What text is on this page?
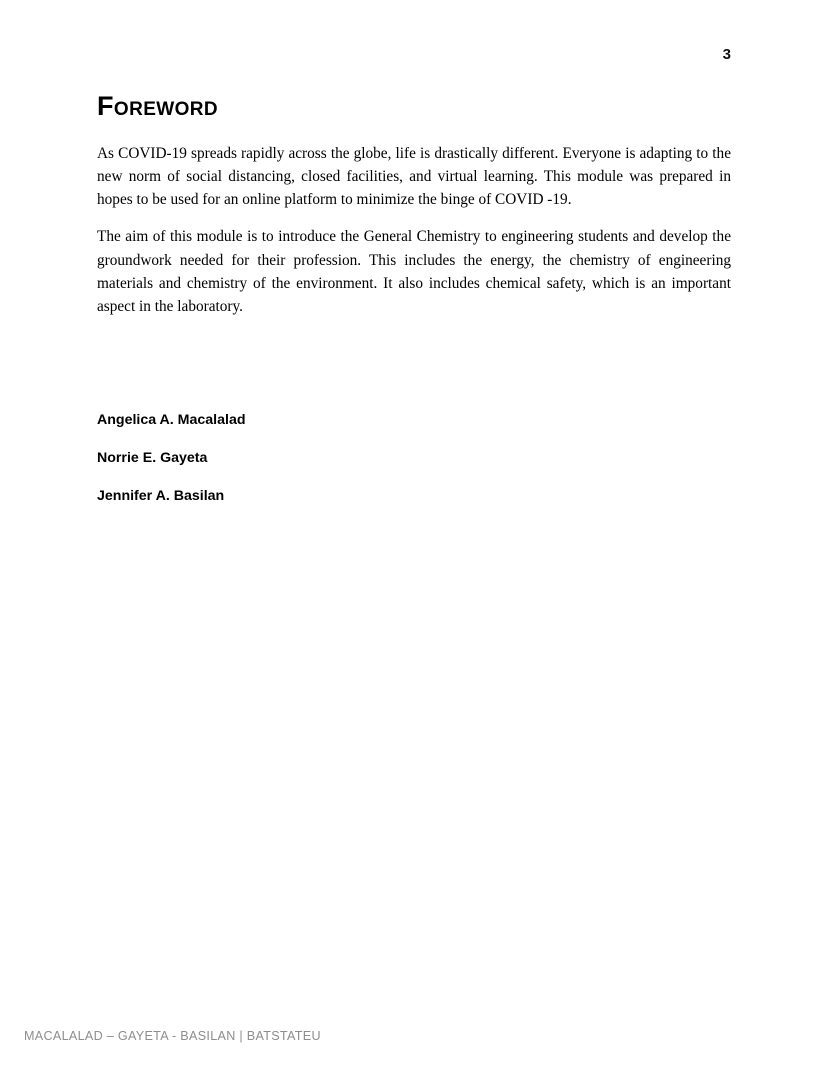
3
Foreword

As COVID-19 spreads rapidly across the globe, life is drastically different. Everyone is adapting to the new norm of social distancing, closed facilities, and virtual learning. This module was prepared in hopes to be used for an online platform to minimize the binge of COVID -19.

The aim of this module is to introduce the General Chemistry to engineering students and develop the groundwork needed for their profession. This includes the energy, the chemistry of engineering materials and chemistry of the environment. It also includes chemical safety, which is an important aspect in the laboratory.

Angelica A. Macalalad

Norrie E. Gayeta

Jennifer A. Basilan

MACALALAD – GAYETA - BASILAN | BATSTATEU
